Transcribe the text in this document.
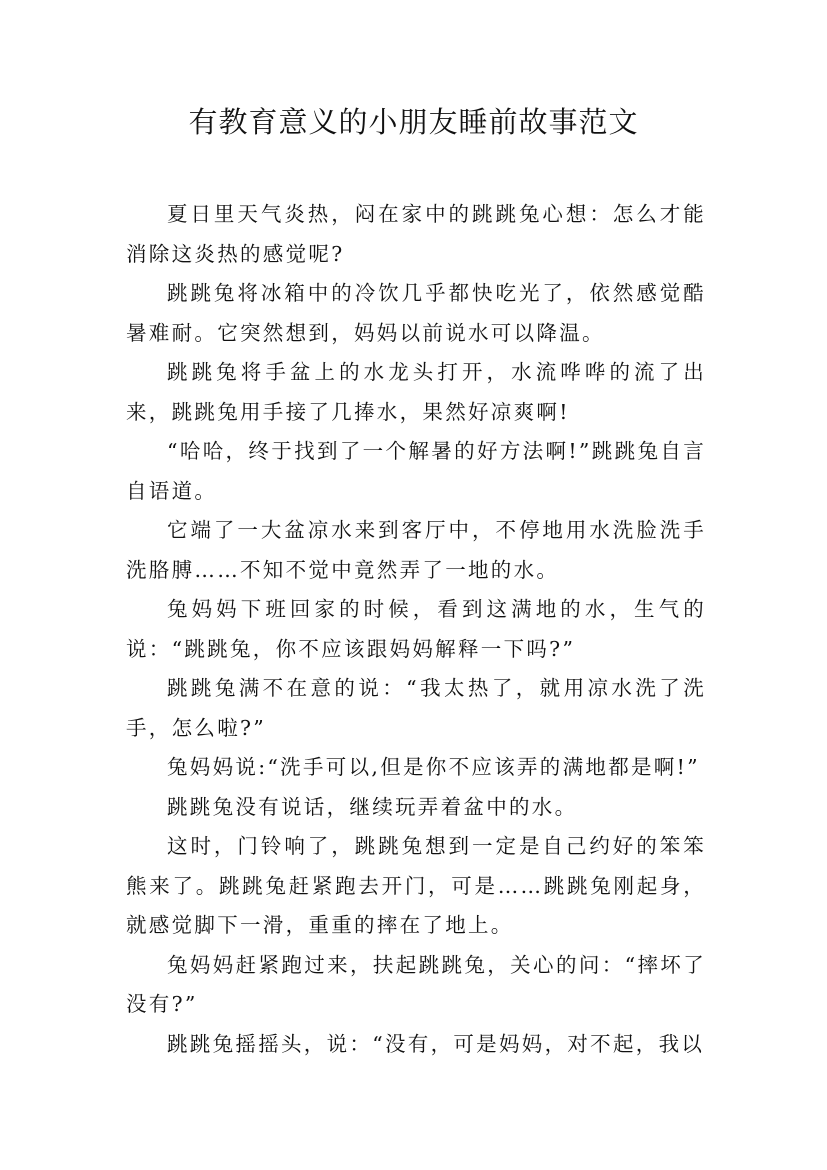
有教育意义的小朋友睡前故事范文

夏日里天气炎热，闷在家中的跳跳兔心想：怎么才能消除这炎热的感觉呢?

跳跳兔将冰箱中的冷饮几乎都快吃光了，依然感觉酷暑难耐。它突然想到，妈妈以前说水可以降温。

跳跳兔将手盆上的水龙头打开，水流哗哗的流了出来，跳跳兔用手接了几捧水，果然好凉爽啊!

“哈哈，终于找到了一个解暑的好方法啊!”跳跳兔自言自语道。

它端了一大盆凉水来到客厅中，不停地用水洗脸洗手洗胳膊……不知不觉中竟然弄了一地的水。

兔妈妈下班回家的时候，看到这满地的水，生气的说：“跳跳兔，你不应该跟妈妈解释一下吗?”

跳跳兔满不在意的说：“我太热了，就用凉水洗了洗手，怎么啦?”

兔妈妈说:“洗手可以,但是你不应该弄的满地都是啊!”

跳跳兔没有说话，继续玩弄着盆中的水。

这时，门铃响了，跳跳兔想到一定是自己约好的笨笨熊来了。跳跳兔赶紧跑去开门，可是……跳跳兔刚起身，就感觉脚下一滑，重重的摔在了地上。

兔妈妈赶紧跑过来，扶起跳跳兔，关心的问：“摔坏了没有?”

跳跳兔摇摇头，说：“没有，可是妈妈，对不起，我以
